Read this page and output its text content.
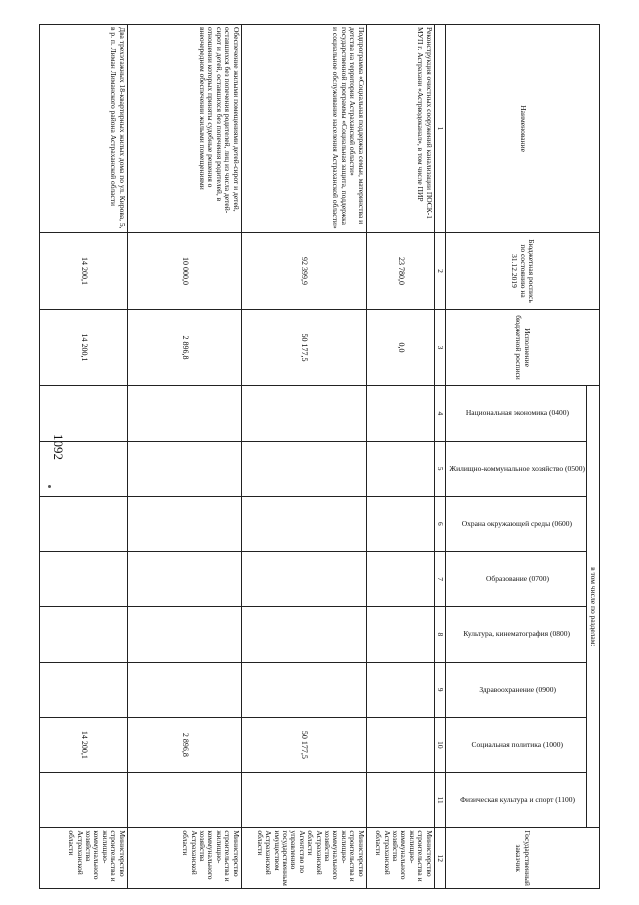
1092
Наименование	Бюджетная роспись по состоянию на 31.12.2019	Исполнение бюджетной росписи	в том числе по разделам:								Государственный заказчик
			Национальная экономика (0400)	Жилищно-коммунальное хозяйство (0500)	Охрана окружающей среды (0600)	Образование (0700)	Культура, кинематография (0800)	Здравоохранение (0900)	Социальная политика (1000)	Физическая культура и спорт (1100)	
1	2	3	4	5	6	7	8	9	10	11	12
Реконструкция очистных сооружений канализации ПОСК-1 МУП г. Астрахани «Астрводоканал», в том числе ПИР	23 780,0	0,0									Министерство строительства и жилищно-коммунального хозяйства Астраханской области
Подпрограмма «Социальная поддержка семьи, материнства и детства на территории Астраханской области» государственной программы «Социальная защита, поддержка и социальное обслуживание населения Астраханской области»	92 399,9	50 177,5							50 177,5		Министерство строительства и жилищно-коммунального хозяйства Астраханской области
Агентство по управлению государственным имуществом Астраханской области
Обеспечение жилыми помещениями детей-сирот и детей, оставшихся без попечения родителей, лиц из числа детей-сирот и детей, оставшихся без попечения родителей, в отношении которых приняты судебные решения о внеочередном обеспечении жилыми помещениями	10 000,0	2 896,8							2 896,8		Министерство строительства и жилищно-коммунального хозяйства Астраханской области
Два трехэтажных 18-квартирных жилых дома по ул. Кирова, 5, в р. п. Лиман Лиманского района Астраханской области	14 200,1	14 200,1							14 200,1		Министерство строительства и жилищно-коммунального хозяйства Астраханской области
